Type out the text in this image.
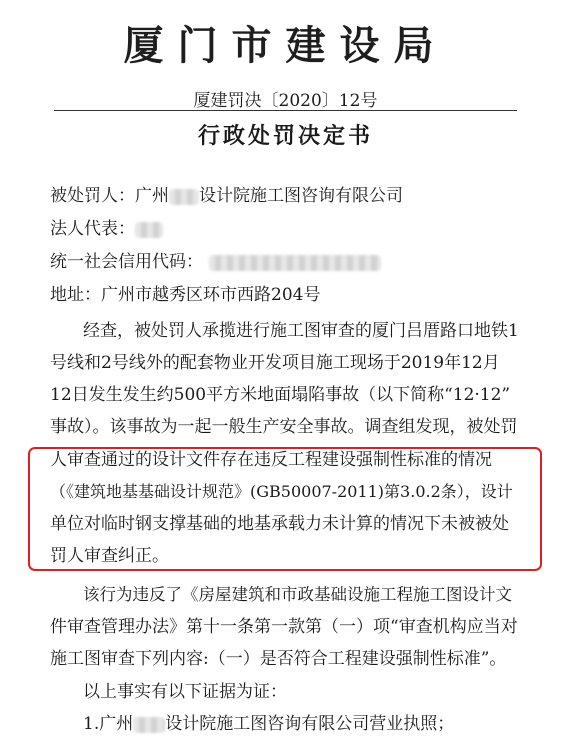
厦门市建设局
厦建罚决〔2020〕12号
行政处罚决定书
被处罚人：广州 设计院施工图咨询有限公司
法人代表：
统一社会信用代码：
地址：广州市越秀区环市西路204号
经查，被处罚人承揽进行施工图审查的厦门吕厝路口地铁1
号线和2号线外的配套物业开发项目施工现场于2019年12月
12日发生发生约500平方米地面塌陷事故（以下简称“12·12”
事故）。该事故为一起一般生产安全事故。调查组发现，被处罚
人审查通过的设计文件存在违反工程建设强制性标准的情况
（《建筑地基基础设计规范》(GB50007-2011)第3.0.2条），设计
单位对临时钢支撑基础的地基承载力未计算的情况下未被被处
罚人审查纠正。
该行为违反了《房屋建筑和市政基础设施工程施工图设计文
件审查管理办法》第十一条第一款第（一）项“审查机构应当对
施工图审查下列内容:（一）是否符合工程建设强制性标准”。
以上事实有以下证据为证：
1.广州 设计院施工图咨询有限公司营业执照；
